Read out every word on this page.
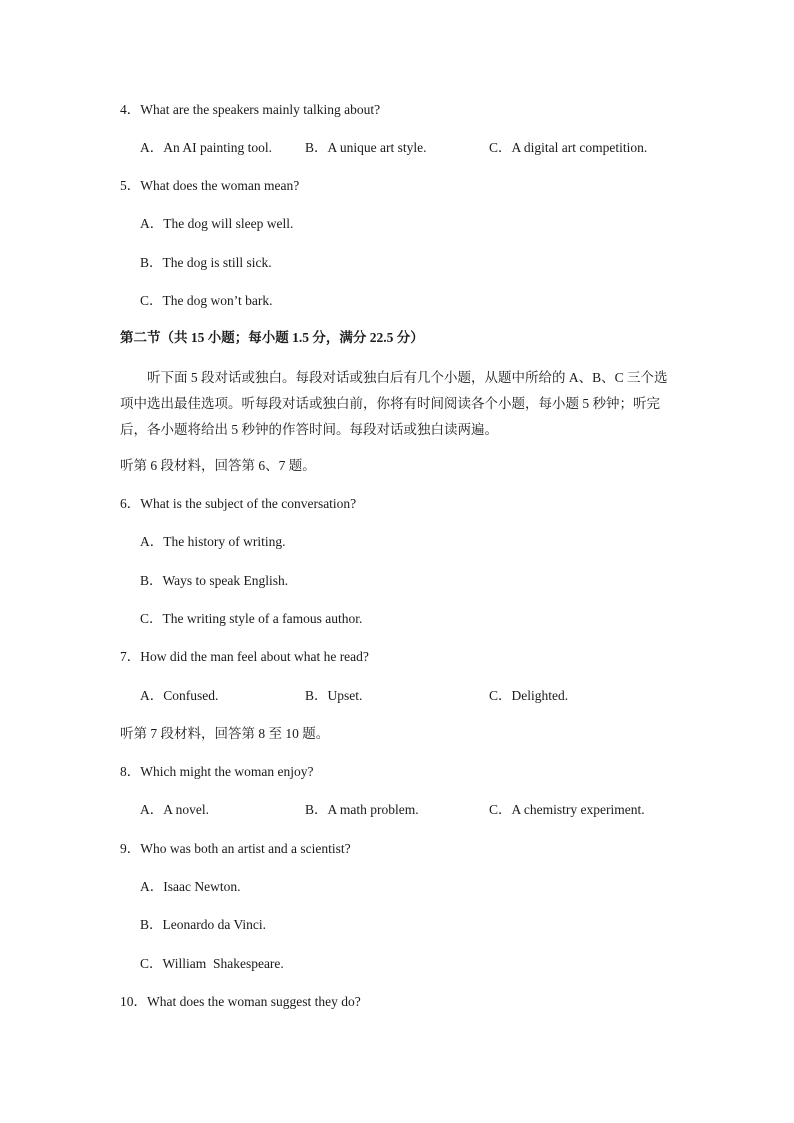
4．What are the speakers mainly talking about?
A．An AI painting tool. B．A unique art style.	C．A digital art competition.
5．What does the woman mean?
A．The dog will sleep well.
B．The dog is still sick.
C．The dog won’t bark.
第二节（共 15 小题；每小题 1.5 分，满分 22.5 分）
听下面 5 段对话或独白。每段对话或独白后有几个小题，从题中所给的 A、B、C 三个选项中选出最佳选项。听每段对话或独白前，你将有时间阅读各个小题，每小题 5 秒钟；听完后，各小题将给出 5 秒钟的作答时间。每段对话或独白读两遍。
听第 6 段材料，回答第 6、7 题。
6．What is the subject of the conversation?
A．The history of writing.
B．Ways to speak English.
C．The writing style of a famous author.
7．How did the man feel about what he read?
A．Confused.	B．Upset.	C．Delighted.
听第 7 段材料，回答第 8 至 10 题。
8．Which might the woman enjoy?
A．A novel.	B．A math problem.	C．A chemistry experiment.
9．Who was both an artist and a scientist?
A．Isaac Newton.
B．Leonardo da Vinci.
C．William  Shakespeare.
10．What does the woman suggest they do?
